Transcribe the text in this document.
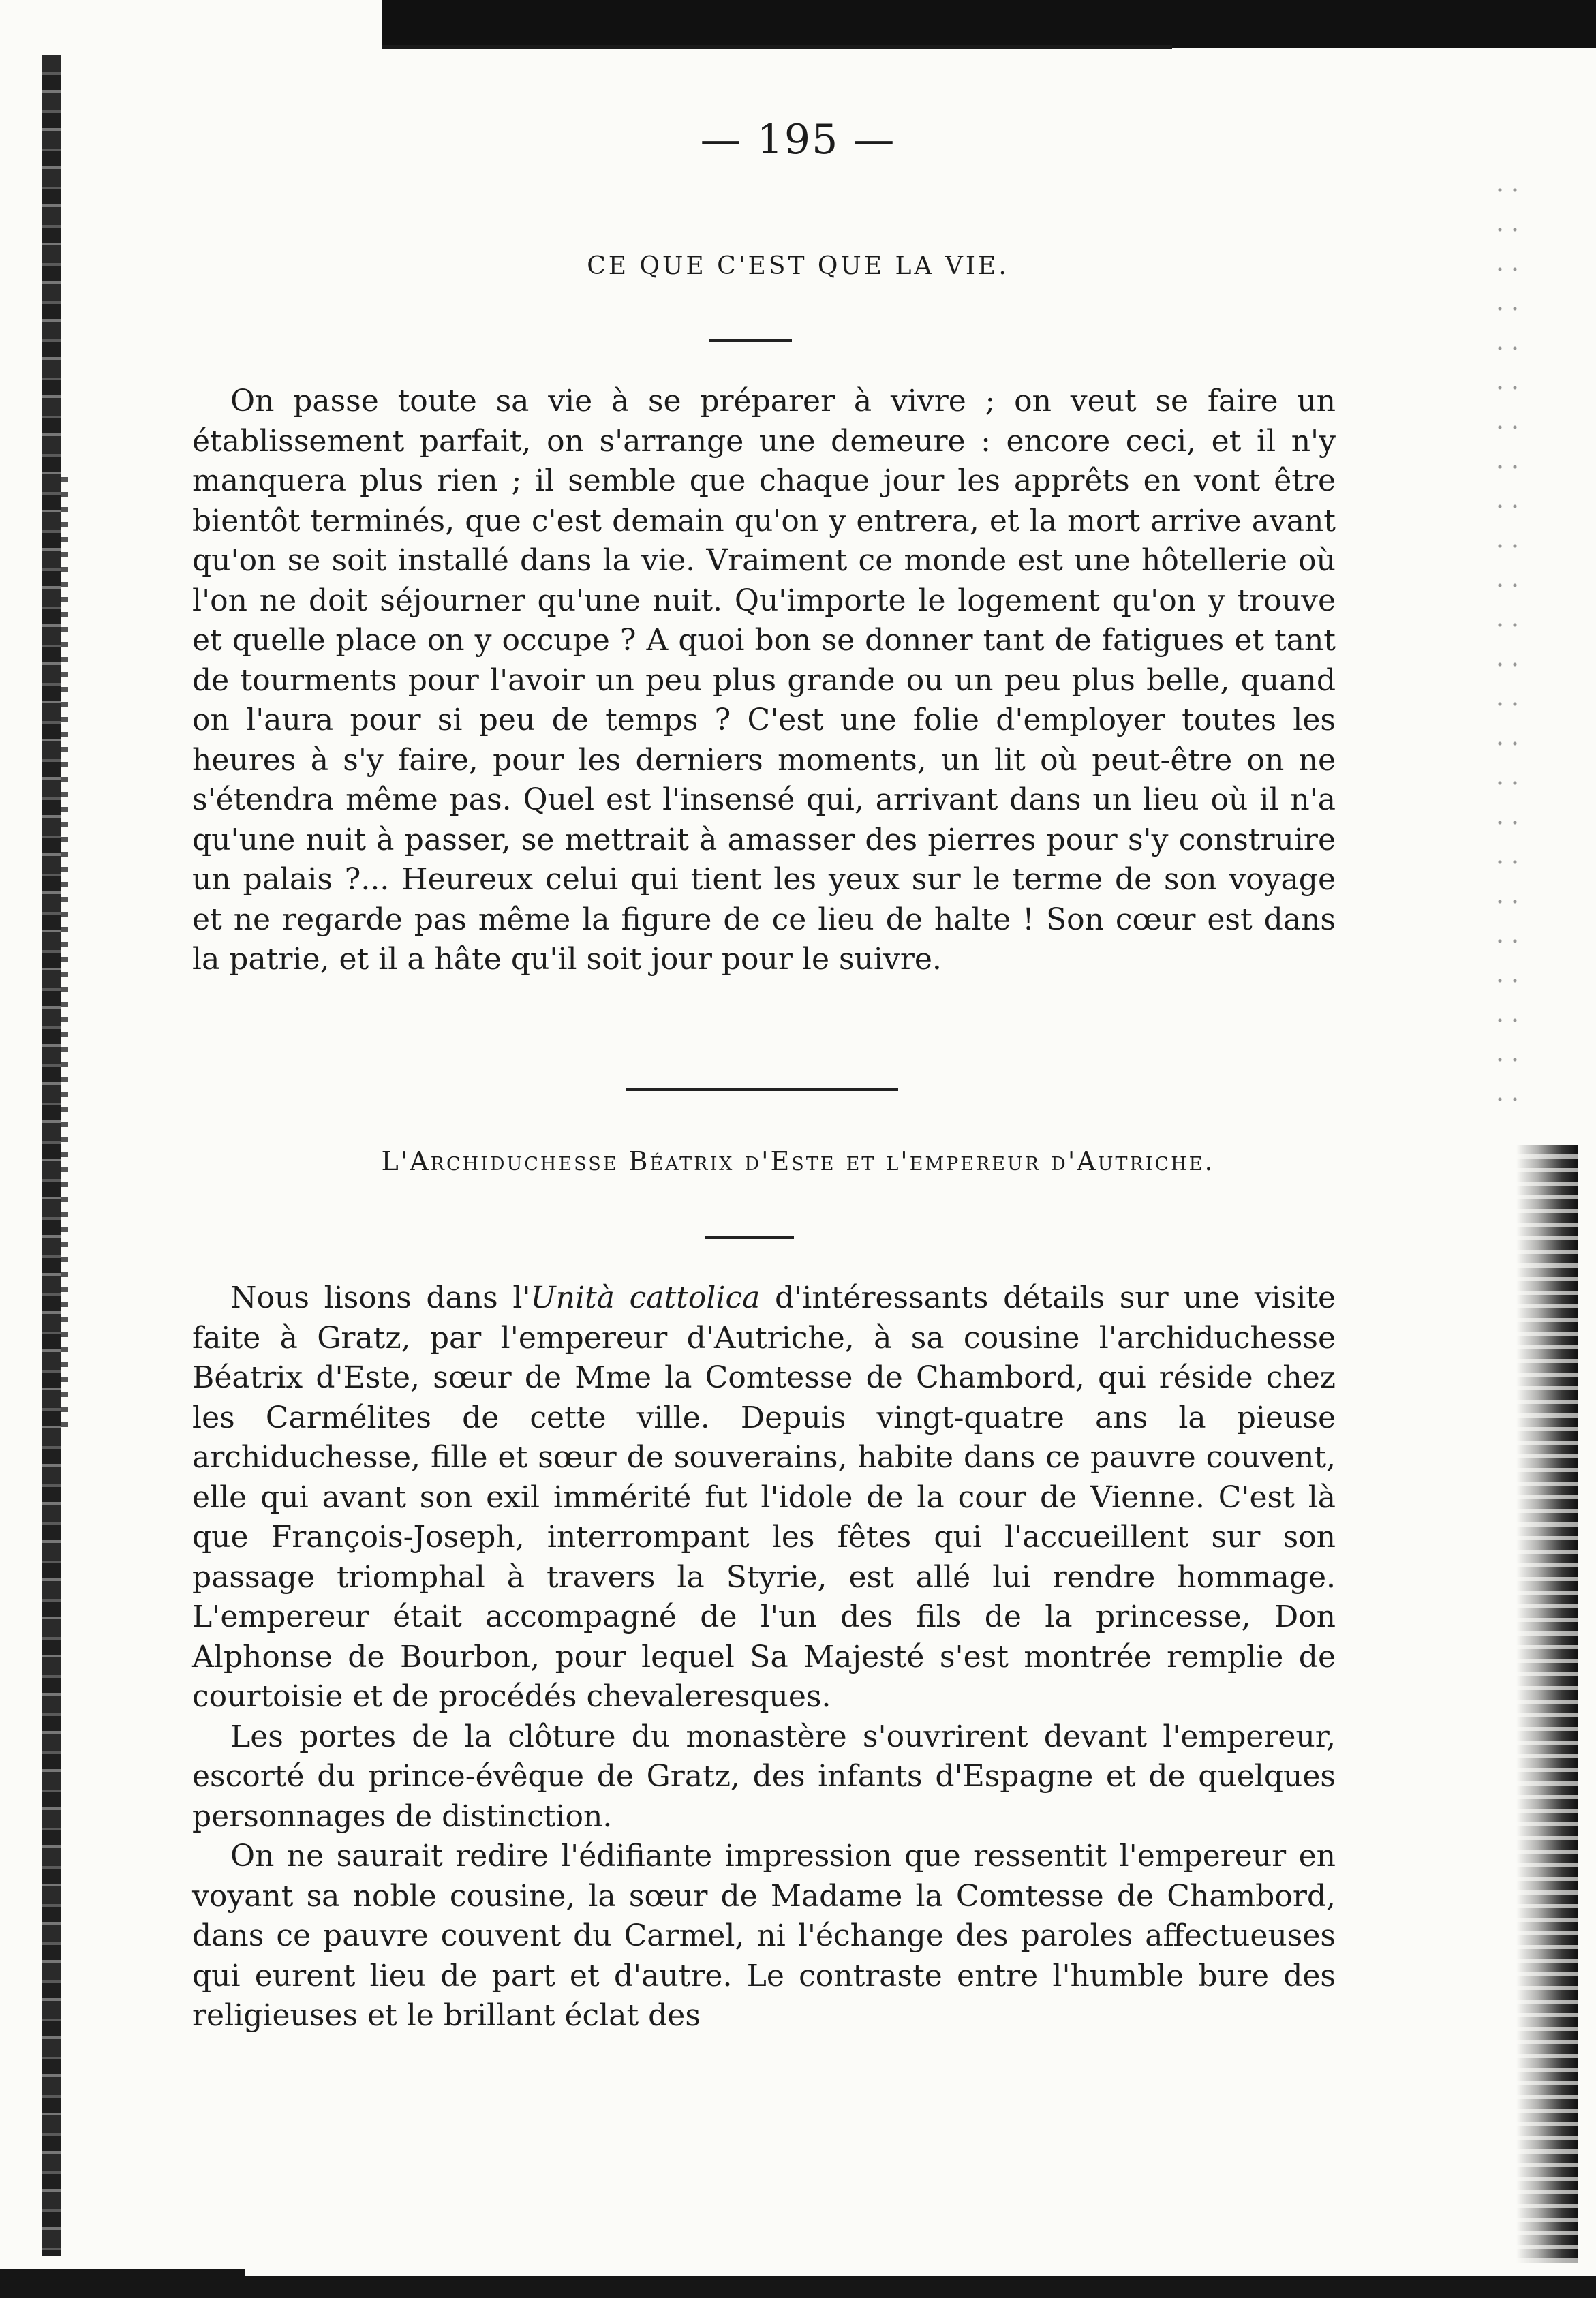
— 195 —
CE QUE C'EST QUE LA VIE.

On passe toute sa vie à se préparer à vivre ; on veut se faire un établissement parfait, on s'arrange une demeure : encore ceci, et il n'y manquera plus rien ; il semble que chaque jour les apprêts en vont être bientôt terminés, que c'est demain qu'on y entrera, et la mort arrive avant qu'on se soit installé dans la vie. Vraiment ce monde est une hôtellerie où l'on ne doit séjourner qu'une nuit. Qu'importe le logement qu'on y trouve et quelle place on y occupe ? A quoi bon se donner tant de fatigues et tant de tourments pour l'avoir un peu plus grande ou un peu plus belle, quand on l'aura pour si peu de temps ? C'est une folie d'employer toutes les heures à s'y faire, pour les derniers moments, un lit où peut-être on ne s'étendra même pas. Quel est l'insensé qui, arrivant dans un lieu où il n'a qu'une nuit à passer, se mettrait à amasser des pierres pour s'y construire un palais ?... Heureux celui qui tient les yeux sur le terme de son voyage et ne regarde pas même la figure de ce lieu de halte ! Son cœur est dans la patrie, et il a hâte qu'il soit jour pour le suivre.

L'Archiduchesse Béatrix d'Este et l'empereur d'Autriche.

Nous lisons dans l'Unità cattolica d'intéressants détails sur une visite faite à Gratz, par l'empereur d'Autriche, à sa cousine l'archiduchesse Béatrix d'Este, sœur de Mme la Comtesse de Chambord, qui réside chez les Carmélites de cette ville. Depuis vingt-quatre ans la pieuse archiduchesse, fille et sœur de souverains, habite dans ce pauvre couvent, elle qui avant son exil immérité fut l'idole de la cour de Vienne. C'est là que François-Joseph, interrompant les fêtes qui l'accueillent sur son passage triomphal à travers la Styrie, est allé lui rendre hommage. L'empereur était accompagné de l'un des fils de la princesse, Don Alphonse de Bourbon, pour lequel Sa Majesté s'est montrée remplie de courtoisie et de procédés chevaleresques.

Les portes de la clôture du monastère s'ouvrirent devant l'empereur, escorté du prince-évêque de Gratz, des infants d'Espagne et de quelques personnages de distinction.

On ne saurait redire l'édifiante impression que ressentit l'empereur en voyant sa noble cousine, la sœur de Madame la Comtesse de Chambord, dans ce pauvre couvent du Carmel, ni l'échange des paroles affectueuses qui eurent lieu de part et d'autre. Le contraste entre l'humble bure des religieuses et le brillant éclat des
